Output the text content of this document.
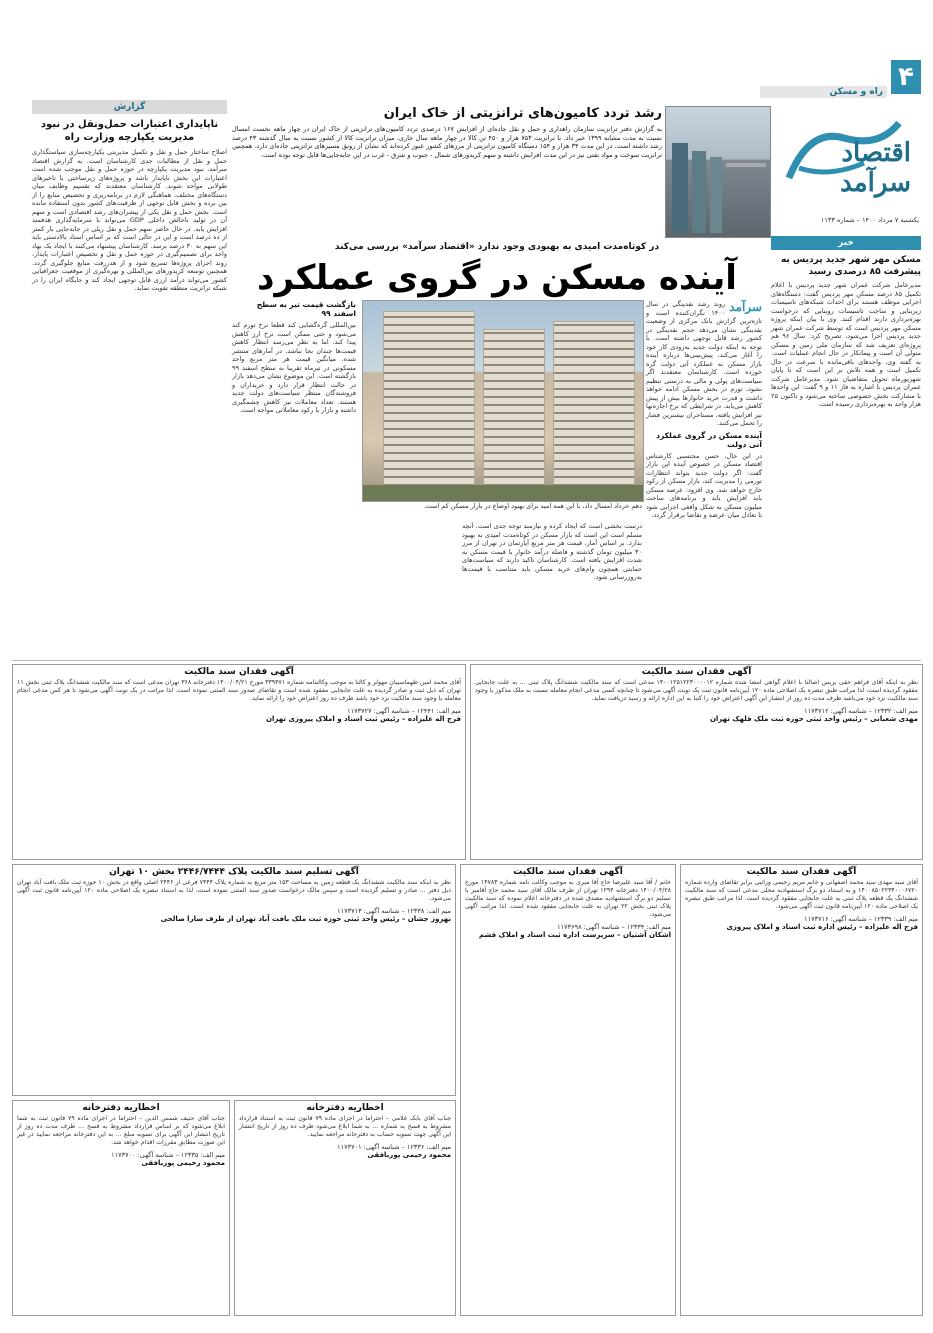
۴
راه و مسکن
اقتصاد سرآمد
یکشنبه ۷ مرداد ۱۴۰۰ – شماره ۱۱۳۳
رشد تردد کامیون‌های ترانزیتی از خاک ایران
به گزارش دفتر ترانزیت سازمان راهداری و حمل و نقل جاده‌ای از افزایش ۱۶۷ درصدی تردد کامیون‌های ترانزیتی از خاک ایران در چهار ماهه نخست امسال نسبت به مدت مشابه ۱۳۹۹ خبر داد. با ترانزیت ۷۵۳ هزار و ۴۵۰ تن کالا در چهار ماهه سال جاری، میزان ترانزیت کالا از کشور نسبت به سال گذشته ۴۳ درصد رشد داشته است. در این مدت ۳۴ هزار و ۱۵۴ دستگاه کامیون ترانزیتی از مرزهای کشور عبور کرده‌اند که نشان از رونق مسیرهای ترانزیتی جاده‌ای دارد. همچنین ترانزیت سوخت و مواد نفتی نیز در این مدت افزایش داشته و سهم کریدورهای شمال - جنوب و شرق - غرب در این جابه‌جایی‌ها قابل توجه بوده است.
گزارش
ناپایداری اعتبارات حمل‌ونقل در نبود مدیریت یکپارچه وزارت راه
اصلاح ساختار حمل و نقل و تکمیل مدیریتی یکپارچه‌سازی سیاستگذاری حمل و نقل از مطالبات جدی کارشناسان است. به گزارش اقتصاد سرآمد، نبود مدیریت یکپارچه در حوزه حمل و نقل موجب شده است اعتبارات این بخش ناپایدار باشد و پروژه‌های زیرساختی با تاخیرهای طولانی مواجه شوند. کارشناسان معتقدند که تقسیم وظایف میان دستگاه‌های مختلف، هماهنگی لازم در برنامه‌ریزی و تخصیص منابع را از بین برده و بخش قابل توجهی از ظرفیت‌های کشور بدون استفاده مانده است. بخش حمل و نقل یکی از پیشران‌های رشد اقتصادی است و سهم آن در تولید ناخالص داخلی GDP می‌تواند با سرمایه‌گذاری هدفمند افزایش یابد. در حال حاضر سهم حمل و نقل ریلی در جابه‌جایی بار کمتر از ده درصد است و این در حالی است که بر اساس اسناد بالادستی باید این سهم به ۳۰ درصد برسد. کارشناسان پیشنهاد می‌کنند با ایجاد یک نهاد واحد برای تصمیم‌گیری در حوزه حمل و نقل و تخصیص اعتبارات پایدار، روند اجرای پروژه‌ها تسریع شود و از هدررفت منابع جلوگیری گردد. همچنین توسعه کریدورهای بین‌المللی و بهره‌گیری از موقعیت جغرافیایی کشور می‌تواند درآمد ارزی قابل توجهی ایجاد کند و جایگاه ایران را در شبکه ترانزیت منطقه تقویت نماید.
خبر
مسکن مهر شهر جدید پردیس به پیشرفت ۸۵ درصدی رسید
مدیرعامل شرکت عمران شهر جدید پردیس با اعلام تکمیل ۸۵ درصد مسکن مهر پردیس گفت: دستگاه‌های اجرایی موظف هستند برای احداث شبکه‌های تاسیسات زیربنایی و ساخت تاسیسات روبنایی که درخواست بهره‌برداری دارند اقدام کنند. وی با بیان اینکه پروژه مسکن مهر پردیس است که توسط شرکت عمران شهر جدید پردیس اجرا می‌شود، تصریح کرد: سال ۹۶ هم پروژه‌ای تعریف شد که سازمان ملی زمین و مسکن متولی آن است و پیمانکار در حال انجام عملیات است. به گفته وی، واحدهای باقی‌مانده با سرعت در حال تکمیل است و همه تلاش بر این است که تا پایان شهریورماه تحویل متقاضیان شود. مدیرعامل شرکت عمران پردیس با اشاره به فاز ۱۱ و ۹ گفت: این واحدها با مشارکت بخش خصوصی ساخته می‌شود و تاکنون ۲۵ هزار واحد به بهره‌برداری رسیده است.
در کوتاه‌مدت امیدی به بهبودی وجود ندارد «اقتصاد سرآمد» بررسی می‌کند
آینده مسکن در گروی عملکرد
سرآمد
روند رشد نقدینگی در سال ۱۴۰۰ نگران‌کننده است و تازه‌ترین گزارش بانک مرکزی از وضعیت نقدینگی نشان می‌دهد حجم نقدینگی در کشور رشد قابل توجهی داشته است. با توجه به اینکه دولت جدید به‌زودی کار خود را آغاز می‌کند، پیش‌بینی‌ها درباره آینده بازار مسکن به عملکرد آتی دولت گره خورده است. کارشناسان معتقدند اگر سیاست‌های پولی و مالی به درستی تنظیم نشود، تورم در بخش مسکن ادامه خواهد داشت و قدرت خرید خانوارها بیش از پیش کاهش می‌یابد. در شرایطی که نرخ اجاره‌بها نیز افزایش یافته، مستاجران بیشترین فشار را تحمل می‌کنند.
آینده مسکن در گروی عملکرد آتی دولت
در این حال، حسن محتسبی کارشناس اقتصاد مسکن در خصوص آینده این بازار گفت: اگر دولت جدید بتواند انتظارات تورمی را مدیریت کند، بازار مسکن از رکود خارج خواهد شد. وی افزود: عرضه مسکن باید افزایش یابد و برنامه‌های ساخت میلیون مسکن به شکل واقعی اجرایی شود تا تعادل میان عرضه و تقاضا برقرار گردد.
دهم خرداد امسال داد، با این همه امید برای بهبود اوضاع در بازار مسکن کم است.
درست بخشی است که ایجاد کرده و نیازمند توجه جدی است. آنچه مسلم است این است که بازار مسکن در کوتاه‌مدت امیدی به بهبود ندارد. بر اساس آمار، قیمت هر متر مربع آپارتمان در تهران از مرز ۳۰ میلیون تومان گذشته و فاصله درآمد خانوار با قیمت مسکن به شدت افزایش یافته است. کارشناسان تاکید دارند که سیاست‌های حمایتی همچون وام‌های خرید مسکن باید متناسب با قیمت‌ها به‌روزرسانی شود.
بازگشت قیمت تیر به سطح اسفند ۹۹
بین‌المللی گره‌گشایی کند قطعا نرخ تورم کند می‌شود و حتی ممکن است نرخ ارز کاهش پیدا کند. اما به نظر می‌رسد انتظار کاهش قیمت‌ها چندان بجا نباشد. در آمارهای منتشر شده، میانگین قیمت هر متر مربع واحد مسکونی در تیرماه تقریبا به سطح اسفند ۹۹ بازگشته است. این موضوع نشان می‌دهد بازار در حالت انتظار قرار دارد و خریداران و فروشندگان منتظر سیاست‌های دولت جدید هستند. تعداد معاملات نیز کاهش چشمگیری داشته و بازار با رکود معاملاتی مواجه است.
آگهی فقدان سند مالکیت
نظر به اینکه آقای فراهم حقی بریس اصالتا با اعلام گواهی امضا شده شماره ۱۴۰۰۱۲۵۱۲۲۳۰۰۰۰۱۲ مدعی است که سند مالکیت ششدانگ پلاک ثبتی ... به علت جابجایی مفقود گردیده است، لذا مراتب طبق تبصره یک اصلاحی ماده ۱۲۰ آیین‌نامه قانون ثبت یک نوبت آگهی می‌شود تا چنانچه کسی مدعی انجام معامله نسبت به ملک مذکور یا وجود سند مالکیت نزد خود می‌باشد ظرف مدت ده روز از انتشار این آگهی اعتراض خود را کتبا به این اداره ارائه و رسید دریافت نماید.
میم الف: ۱۲۳۳۲ – شناسه آگهی: ۱۱۷۳۷۱۲
مهدی شعبانی – رئیس واحد ثبتی حوزه ثبت ملک قلهک تهران
آگهی فقدان سند مالکیت
آقای محمد امین طهماسبیان مهولر و کالتا به موجب وکالتنامه شماره ۳۳۹۴۷۱ مورخ ۱۴۰۰/۰۴/۲۱ دفترخانه ۳۶۸ تهران مدعی است که سند مالکیت ششدانگ پلاک ثبتی بخش ۱۱ تهران که ذیل ثبت و صادر گردیده به علت جابجایی مفقود شده است و تقاضای صدور سند المثنی نموده است. لذا مراتب در یک نوبت آگهی می‌شود تا هر کس مدعی انجام معامله یا وجود سند مالکیت نزد خود باشد ظرف ده روز اعتراض خود را ارائه نماید.
میم الف: ۱۲۴۴۱ – شناسه آگهی: ۱۱۷۳۷۲۷
فرج اله علیزاده – رئیس ثبت اسناد و املاک پیروزی تهران
آگهی فقدان سند مالکیت
آقای سید مهدی سید محمد اصفهانی و خانم مریم رحیمی وراثبی برابر تقاضای وارده شماره ۱۴۰۰۸۵۰۲۲۳۴۰۰۰۶۷۲۰ و به استناد دو برگ استشهادیه محلی مدعی است که سند مالکیت ششدانگ یک قطعه پلاک ثبتی به علت جابجایی مفقود گردیده است. لذا مراتب طبق تبصره یک اصلاحی ماده ۱۲۰ آیین‌نامه قانون ثبت آگهی می‌شود.
میم الف: ۱۲۳۳۹ – شناسه آگهی: ۱۱۷۳۷۱۶
فرج اله علیزاده – رئیس اداره ثبت اسناد و املاک پیروزی
آگهی فقدان سند مالکیت
خانم / آقا سید علیرضا حاج آقا میری به موجب وکالت نامه شماره ۱۴۷۸۳ مورخ ۱۴۰۰/۰۴/۲۸ دفترخانه ۱۲۹۴ تهران از طرف مالک آقای سید محمد حاج آقامیر با تسلیم دو برگ استشهادیه مصدق شده در دفترخانه اعلام نموده که سند مالکیت پلاک ثبتی بخش ۲۲ تهران به علت جابجایی مفقود شده است. لذا مراتب آگهی می‌شود.
میم الف: ۱۲۳۳۴ – شناسه آگهی: ۱۱۷۳۶۹۸
اشکان آشتیان – سرپرست اداره ثبت اسناد و املاک قشم
آگهی تسلیم سند مالکیت پلاک ۲۴۴۶/۷۴۴۴ بخش ۱۰ تهران
نظر به اینکه سند مالکیت ششدانگ یک قطعه زمین به مساحت ۱۵۳ متر مربع به شماره پلاک ۷۴۴۴ فرعی از ۲۴۴۶ اصلی واقع در بخش ۱۰ حوزه ثبت ملک بافت آباد تهران ذیل دفتر ... صادر و تسلیم گردیده است و سپس مالک درخواست صدور سند المثنی نموده است، لذا به استناد تبصره یک اصلاحی ماده ۱۲۰ آیین‌نامه قانون ثبت آگهی می‌شود.
میم الف: ۱۲۳۳۸ – شناسه آگهی: ۱۱۷۳۷۱۳
بهروز جشان – رئیس واحد ثبتی حوزه ثبت ملک بافت آباد تهران از طرف سارا صالحی
اخطاریه دفترخانه
جناب آقای حنیف شمس الدین – احتراما در اجرای ماده ۷۹ قانون ثبت به شما ابلاغ می‌شود که بر اساس قرارداد مشروط به فسخ ... ظرف مدت ده روز از تاریخ انتشار این آگهی برای تسویه مبلغ ... به این دفترخانه مراجعه نمایید در غیر این صورت مطابق مقررات اقدام خواهد شد.
میم الف: ۱۲۳۳۵ – شناسه آگهی: ۱۱۷۳۷۰۰
محمود رحیمی پوربافقی
اخطاریه دفترخانه
جناب آقای بابک غلامی – احتراما در اجرای ماده ۷۹ قانون ثبت به استناد قرارداد مشروط به فسخ به شماره ... به شما ابلاغ می‌شود ظرف ده روز از تاریخ انتشار این آگهی جهت تسویه حساب به دفترخانه مراجعه نمایید.
میم الف: ۱۲۳۳۶ – شناسه آگهی: ۱۱۷۳۷۰۱
محمود رحیمی پوربافقی
